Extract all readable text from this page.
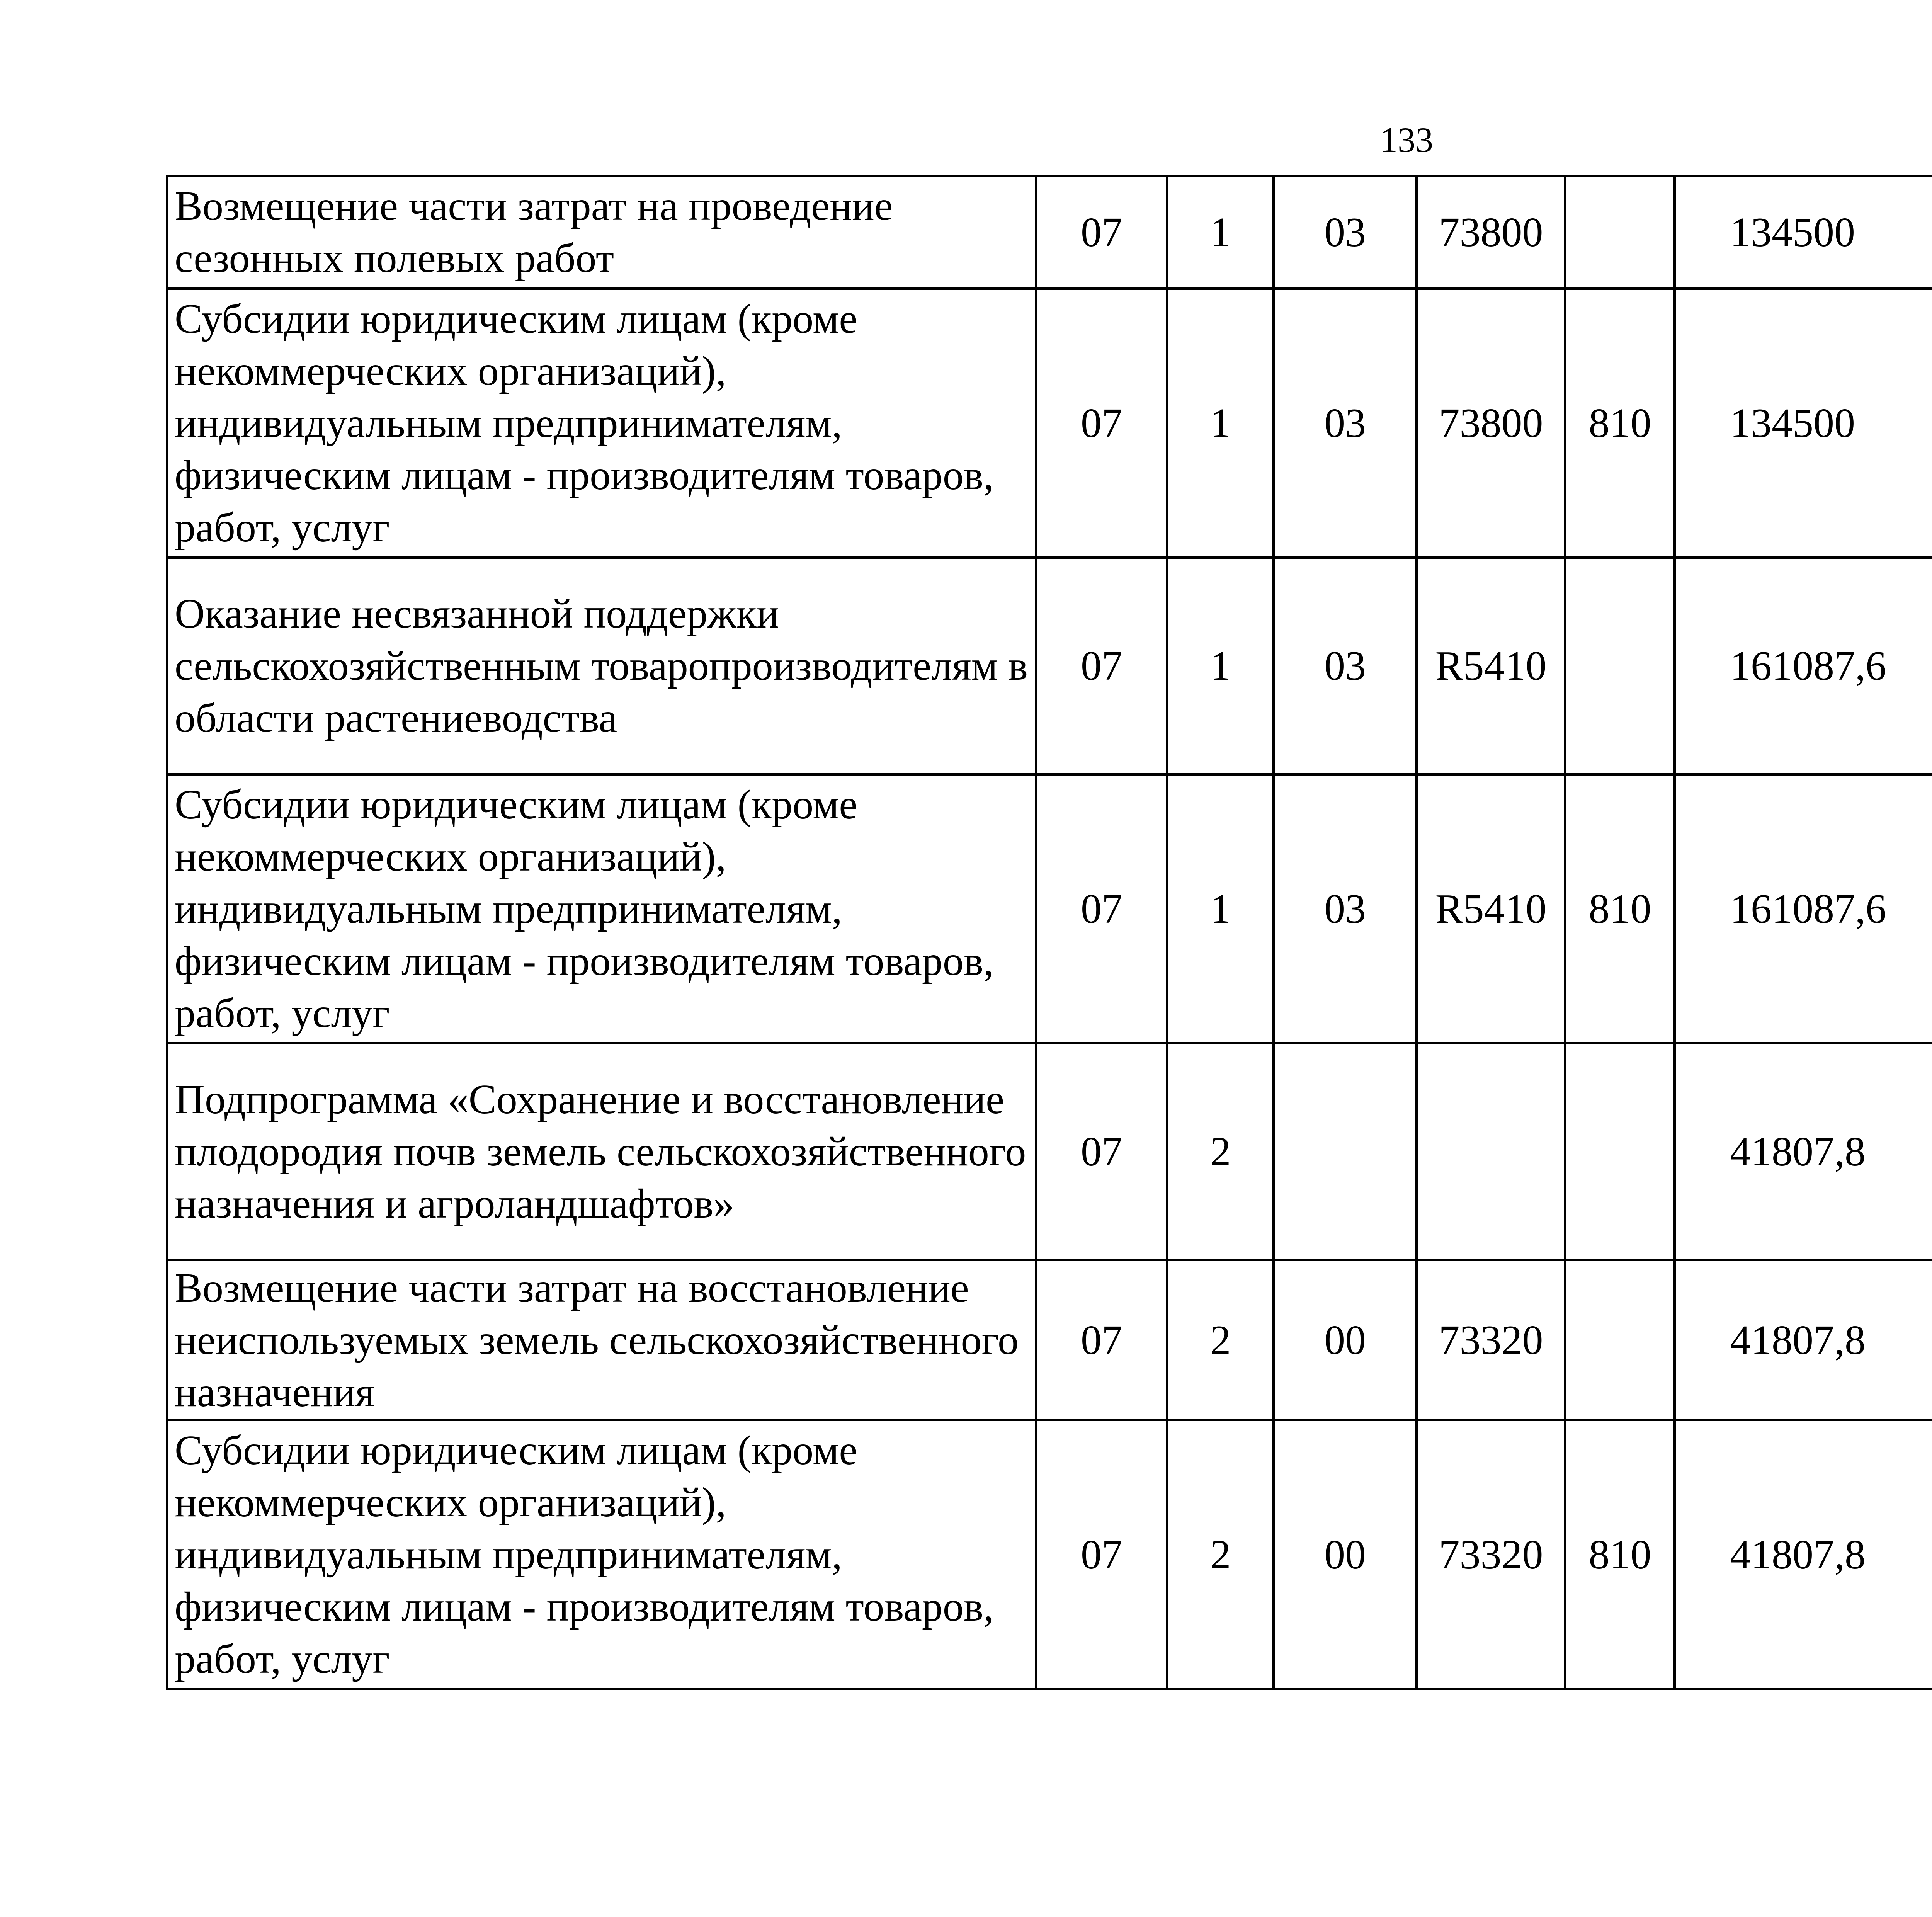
133
Возмещение части затрат на проведение сезонных полевых работ	07	1	03	73800		134500		
Субсидии юридическим лицам (кроме некоммерческих организаций), индивидуальным предпринимателям, физическим лицам - производителям товаров, работ, услуг	07	1	03	73800	810	134500		
Оказание несвязанной поддержки сельскохозяйственным товаропроизводителям в области растениеводства	07	1	03	R5410		161087,6		
Субсидии юридическим лицам (кроме некоммерческих организаций), индивидуальным предпринимателям, физическим лицам - производителям товаров, работ, услуг	07	1	03	R5410	810	161087,6		
Подпрограмма «Сохранение и восстановление плодородия почв земель сельскохозяйственного назначения и агроландшафтов»	07	2				41807,8		
Возмещение части затрат на восстановление неиспользуемых земель сельскохозяйственного назначения	07	2	00	73320		41807,8		
Субсидии юридическим лицам (кроме некоммерческих организаций), индивидуальным предпринимателям, физическим лицам - производителям товаров, работ, услуг	07	2	00	73320	810	41807,8		
